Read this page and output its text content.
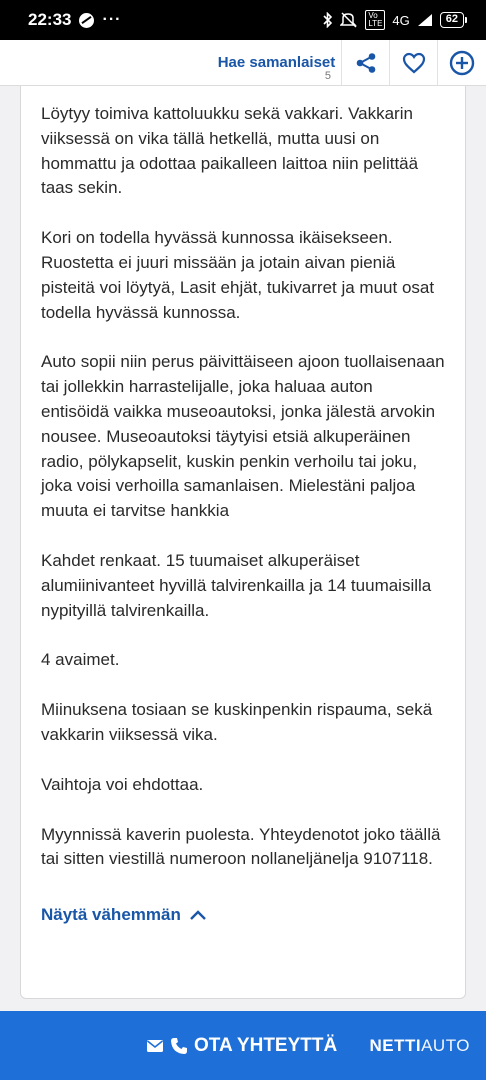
22:33 ···	Vo
LTE 4G	62
Hae samanlaiset
5

Löytyy toimiva kattoluukku sekä vakkari. Vakkarin viiksessä on vika tällä hetkellä, mutta uusi on hommattu ja odottaa paikalleen laittoa niin pelittää taas sekin.

Kori on todella hyvässä kunnossa ikäisekseen. Ruostetta ei juuri missään ja jotain aivan pieniä pisteitä voi löytyä, Lasit ehjät, tukivarret ja muut osat todella hyvässä kunnossa.

Auto sopii niin perus päivittäiseen ajoon tuollaisenaan tai jollekkin harrastelijalle, joka haluaa auton entisöidä vaikka museoautoksi, jonka jälestä arvokin nousee. Museoautoksi täytyisi etsiä alkuperäinen radio, pölykapselit, kuskin penkin verhoilu tai joku, joka voisi verhoilla samanlaisen. Mielestäni paljoa muuta ei tarvitse hankkia

Kahdet renkaat. 15 tuumaiset alkuperäiset alumiinivanteet hyvillä talvirenkailla ja 14 tuumaisilla nypityillä talvirenkailla.

4 avaimet.

Miinuksena tosiaan se kuskinpenkin rispauma, sekä vakkarin viiksessä vika.

Vaihtoja voi ehdottaa.

Myynnissä kaverin puolesta. Yhteydenotot joko täällä tai sitten viestillä numeroon nollaneljänelja 9107118.

Näytä vähemmän
OTA YHTEYTTÄ NETTIAUTO
